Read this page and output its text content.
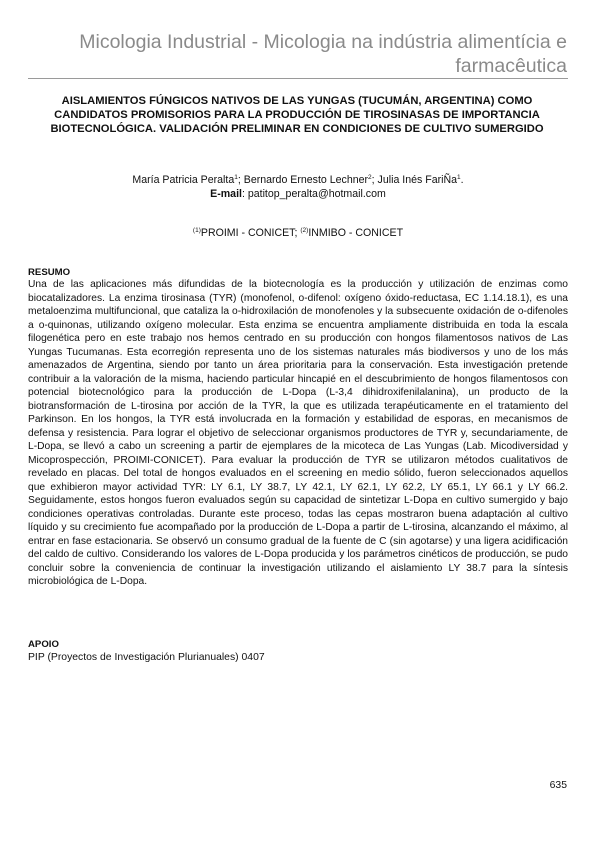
Micologia Industrial - Micologia na indústria alimentícia e farmacêutica
AISLAMIENTOS FÚNGICOS NATIVOS DE LAS YUNGAS (TUCUMÁN, ARGENTINA) COMO CANDIDATOS PROMISORIOS PARA LA PRODUCCIÓN DE TIROSINASAS DE IMPORTANCIA BIOTECNOLÓGICA. VALIDACIÓN PRELIMINAR EN CONDICIONES DE CULTIVO SUMERGIDO
María Patricia Peralta$^1$; Bernardo Ernesto Lechner$^2$; Julia Inés FariÑa$^1$.
E-mail: patitop_peralta@hotmail.com
$^{(1)}$PROIMI - CONICET; $^{(2)}$INMIBO - CONICET
RESUMO

Una de las aplicaciones más difundidas de la biotecnología es la producción y utilización de enzimas como biocatalizadores. La enzima tirosinasa (TYR) (monofenol, o-difenol: oxígeno óxido-reductasa, EC 1.14.18.1), es una metaloenzima multifuncional, que cataliza la o-hidroxilación de monofenoles y la subsecuente oxidación de o-difenoles a o-quinonas, utilizando oxígeno molecular. Esta enzima se encuentra ampliamente distribuida en toda la escala filogenética pero en este trabajo nos hemos centrado en su producción con hongos filamentosos nativos de Las Yungas Tucumanas. Esta ecorregión representa uno de los sistemas naturales más biodiversos y uno de los más amenazados de Argentina, siendo por tanto un área prioritaria para la conservación. Esta investigación pretende contribuir a la valoración de la misma, haciendo particular hincapié en el descubrimiento de hongos filamentosos con potencial biotecnológico para la producción de L-Dopa (L-3,4 dihidroxifenilalanina), un producto de la biotransformación de L-tirosina por acción de la TYR, la que es utilizada terapéuticamente en el tratamiento del Parkinson. En los hongos, la TYR está involucrada en la formación y estabilidad de esporas, en mecanismos de defensa y resistencia. Para lograr el objetivo de seleccionar organismos productores de TYR y, secundariamente, de L-Dopa, se llevó a cabo un screening a partir de ejemplares de la micoteca de Las Yungas (Lab. Micodiversidad y Micoprospección, PROIMI-CONICET). Para evaluar la producción de TYR se utilizaron métodos cualitativos de revelado en placas. Del total de hongos evaluados en el screening en medio sólido, fueron seleccionados aquellos que exhibieron mayor actividad TYR: LY 6.1, LY 38.7, LY 42.1, LY 62.1, LY 62.2, LY 65.1, LY 66.1 y LY 66.2. Seguidamente, estos hongos fueron evaluados según su capacidad de sintetizar L-Dopa en cultivo sumergido y bajo condiciones operativas controladas. Durante este proceso, todas las cepas mostraron buena adaptación al cultivo líquido y su crecimiento fue acompañado por la producción de L-Dopa a partir de L-tirosina, alcanzando el máximo, al entrar en fase estacionaria. Se observó un consumo gradual de la fuente de C (sin agotarse) y una ligera acidificación del caldo de cultivo. Considerando los valores de L-Dopa producida y los parámetros cinéticos de producción, se pudo concluir sobre la conveniencia de continuar la investigación utilizando el aislamiento LY 38.7 para la síntesis microbiológica de L-Dopa.

APOIO
PIP (Proyectos de Investigación Plurianuales) 0407
635
